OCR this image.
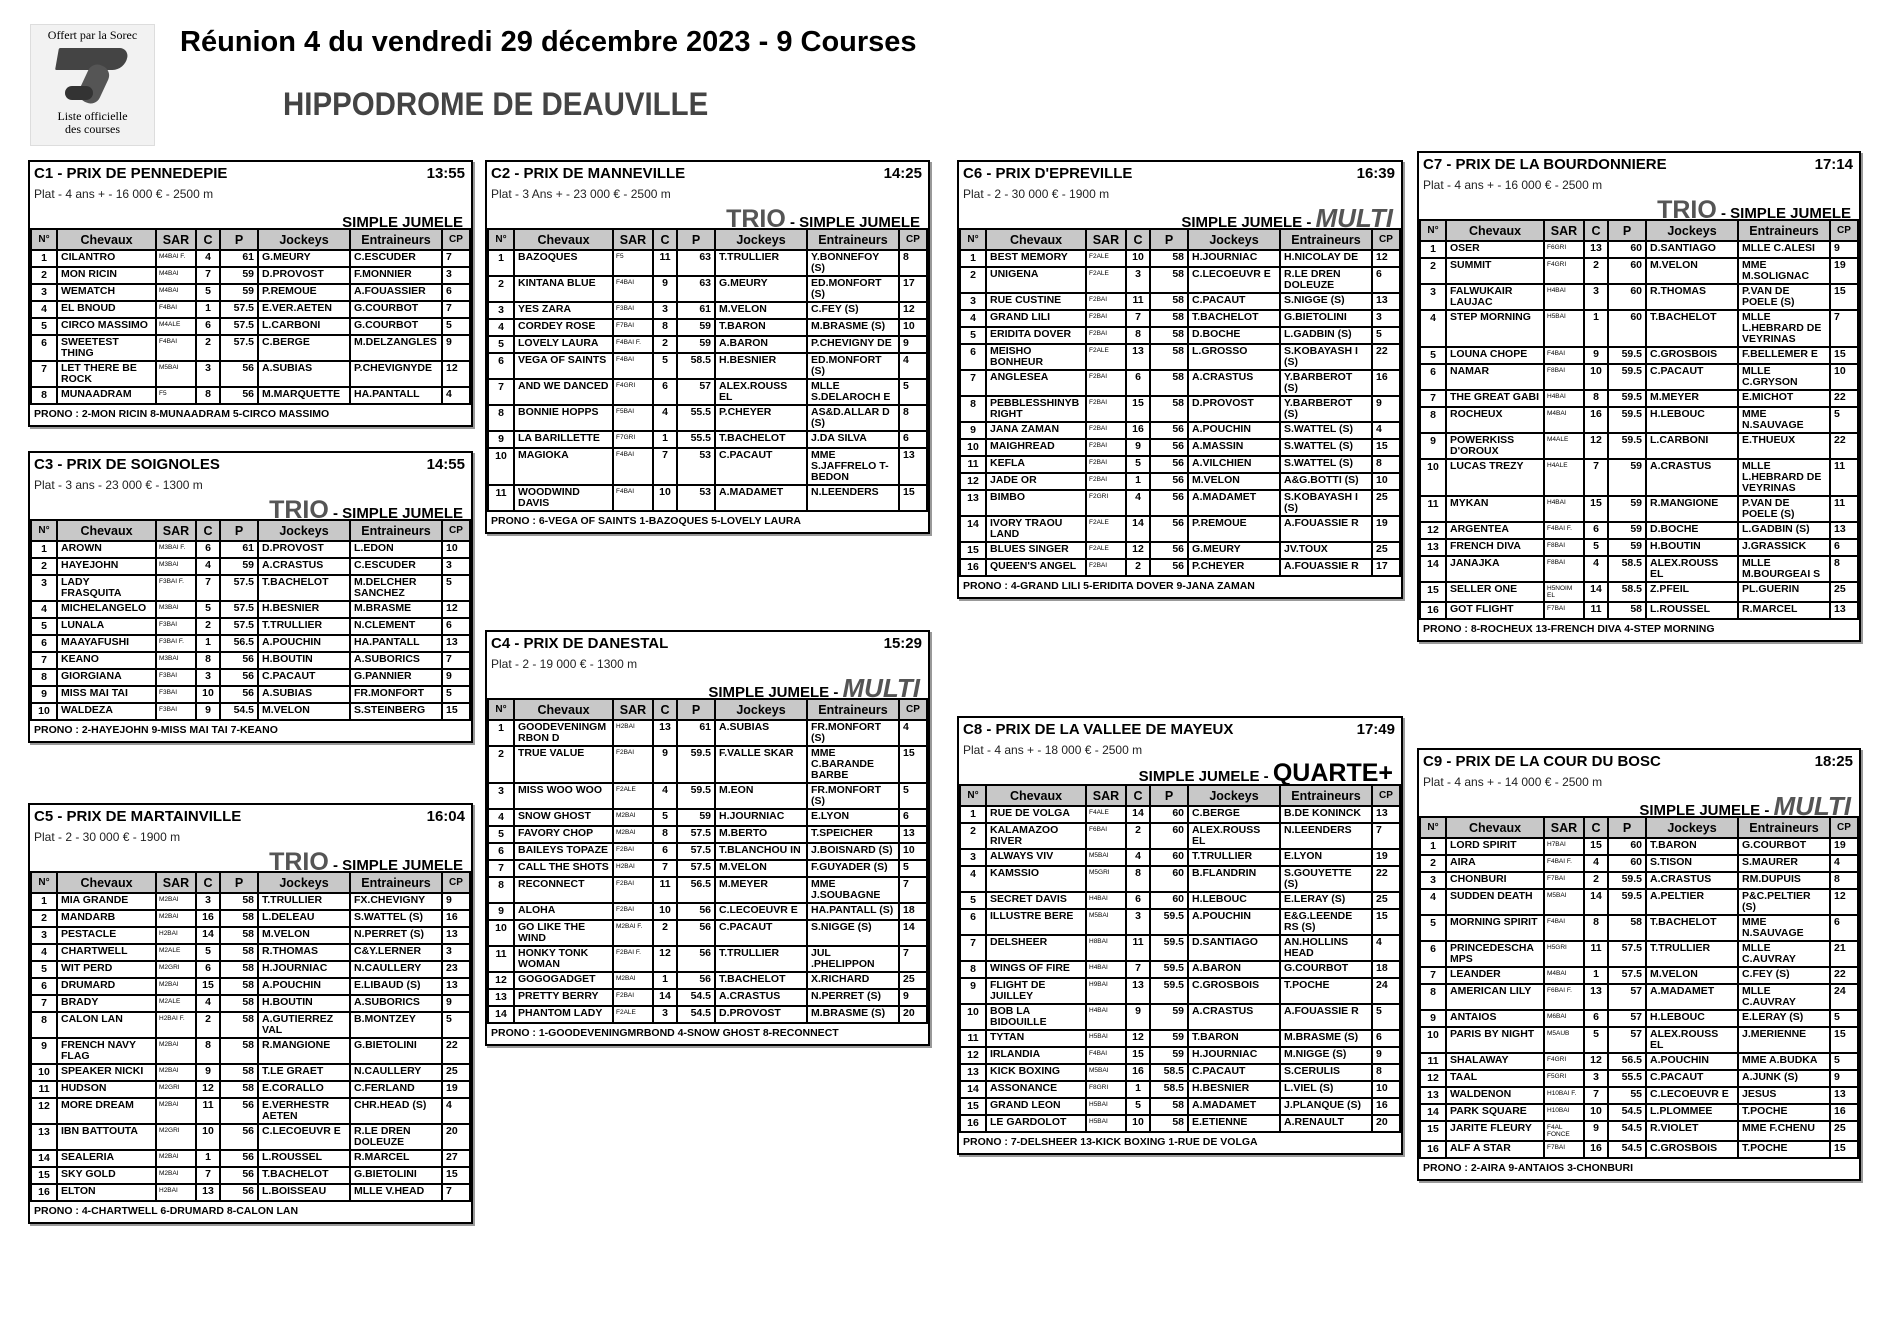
Offert par la Sorec
Liste officielle
des courses
Réunion 4 du vendredi 29 décembre 2023 - 9 Courses
HIPPODROME DE DEAUVILLE
C1 - PRIX DE PENNEDEPIE	13:55
Plat - 4 ans + - 16 000 € - 2500 m
SIMPLE JUMELE
N°	Chevaux	SAR	C	P	Jockeys	Entraineurs	CP
1	CILANTRO	M4BAI F.	4	61	G.MEURY	C.ESCUDER	7
2	MON RICIN	M4BAI	7	59	D.PROVOST	F.MONNIER	3
3	WEMATCH	M4BAI	5	59	P.REMOUE	A.FOUASSIER	6
4	EL BNOUD	F4BAI	1	57.5	E.VER.AETEN	G.COURBOT	7
5	CIRCO MASSIMO	M4ALE	6	57.5	L.CARBONI	G.COURBOT	5
6	SWEETEST THING	F4BAI	2	57.5	C.BERGE	M.DELZANGLES	9
7	LET THERE BE ROCK	M5BAI	3	56	A.SUBIAS	P.CHEVIGNYDE	12
8	MUNAADRAM	F5	8	56	M.MARQUETTE	HA.PANTALL	4
PRONO : 2-MON RICIN 8-MUNAADRAM 5-CIRCO MASSIMO
C3 - PRIX DE SOIGNOLES	14:55
Plat - 3 ans - 23 000 € - 1300 m
TRIO - SIMPLE JUMELE
N°	Chevaux	SAR	C	P	Jockeys	Entraineurs	CP
1	AROWN	M3BAI F.	6	61	D.PROVOST	L.EDON	10
2	HAYEJOHN	M3BAI	4	59	A.CRASTUS	C.ESCUDER	3
3	LADY FRASQUITA	F3BAI F.	7	57.5	T.BACHELOT	M.DELCHER SANCHEZ	5
4	MICHELANGELO	M3BAI	5	57.5	H.BESNIER	M.BRASME	12
5	LUNALA	F3BAI	2	57.5	T.TRULLIER	N.CLEMENT	6
6	MAAYAFUSHI	F3BAI F.	1	56.5	A.POUCHIN	HA.PANTALL	13
7	KEANO	M3BAI	8	56	H.BOUTIN	A.SUBORICS	7
8	GIORGIANA	F3BAI	3	56	C.PACAUT	G.PANNIER	9
9	MISS MAI TAI	F3BAI	10	56	A.SUBIAS	FR.MONFORT	5
10	WALDEZA	F3BAI	9	54.5	M.VELON	S.STEINBERG	15
PRONO : 2-HAYEJOHN 9-MISS MAI TAI 7-KEANO
C5 - PRIX DE MARTAINVILLE	16:04
Plat - 2 - 30 000 € - 1900 m
TRIO - SIMPLE JUMELE
N°	Chevaux	SAR	C	P	Jockeys	Entraineurs	CP
1	MIA GRANDE	M2BAI	3	58	T.TRULLIER	FX.CHEVIGNY	9
2	MANDARB	M2BAI	16	58	L.DELEAU	S.WATTEL (S)	16
3	PESTACLE	H2BAI	14	58	M.VELON	N.PERRET (S)	13
4	CHARTWELL	M2ALE	5	58	R.THOMAS	C&Y.LERNER	3
5	WIT PERD	M2GRI	6	58	H.JOURNIAC	N.CAULLERY	23
6	DRUMARD	M2BAI	15	58	A.POUCHIN	E.LIBAUD (S)	13
7	BRADY	M2ALE	4	58	H.BOUTIN	A.SUBORICS	9
8	CALON LAN	H2BAI F.	2	58	A.GUTIERREZ VAL	B.MONTZEY	5
9	FRENCH NAVY FLAG	M2BAI	8	58	R.MANGIONE	G.BIETOLINI	22
10	SPEAKER NICKI	M2BAI	9	58	T.LE GRAET	N.CAULLERY	25
11	HUDSON	M2GRI	12	58	E.CORALLO	C.FERLAND	19
12	MORE DREAM	M2BAI	11	56	E.VERHESTR AETEN	CHR.HEAD (S)	4
13	IBN BATTOUTA	M2GRI	10	56	C.LECOEUVR E	R.LE DREN DOLEUZE	20
14	SEALERIA	M2BAI	1	56	L.ROUSSEL	R.MARCEL	27
15	SKY GOLD	M2BAI	7	56	T.BACHELOT	G.BIETOLINI	15
16	ELTON	H2BAI	13	56	L.BOISSEAU	MLLE V.HEAD	7
PRONO : 4-CHARTWELL 6-DRUMARD 8-CALON LAN
C2 - PRIX DE MANNEVILLE	14:25
Plat - 3 Ans + - 23 000 € - 2500 m
TRIO - SIMPLE JUMELE
N°	Chevaux	SAR	C	P	Jockeys	Entraineurs	CP
1	BAZOQUES	F5	11	63	T.TRULLIER	Y.BONNEFOY (S)	8
2	KINTANA BLUE	F4BAI	9	63	G.MEURY	ED.MONFORT (S)	17
3	YES ZARA	F3BAI	3	61	M.VELON	C.FEY (S)	12
4	CORDEY ROSE	F7BAI	8	59	T.BARON	M.BRASME (S)	10
5	LOVELY LAURA	F4BAI F.	2	59	A.BARON	P.CHEVIGNY DE	9
6	VEGA OF SAINTS	F4BAI	5	58.5	H.BESNIER	ED.MONFORT (S)	4
7	AND WE DANCED	F4GRI	6	57	ALEX.ROUSS EL	MLLE S.DELAROCH E	5
8	BONNIE HOPPS	F5BAI	4	55.5	P.CHEYER	AS&D.ALLAR D (S)	8
9	LA BARILLETTE	F7GRI	1	55.5	T.BACHELOT	J.DA SILVA	6
10	MAGIOKA	F4BAI	7	53	C.PACAUT	MME S.JAFFRELO T-BEDON	13
11	WOODWIND DAVIS	F4BAI	10	53	A.MADAMET	N.LEENDERS	15
PRONO : 6-VEGA OF SAINTS 1-BAZOQUES 5-LOVELY LAURA
C4 - PRIX DE DANESTAL	15:29
Plat - 2 - 19 000 € - 1300 m
SIMPLE JUMELE - MULTI
N°	Chevaux	SAR	C	P	Jockeys	Entraineurs	CP
1	GOODEVENINGMRBON D	H2BAI	13	61	A.SUBIAS	FR.MONFORT (S)	4
2	TRUE VALUE	F2BAI	9	59.5	F.VALLE SKAR	MME C.BARANDE BARBE	15
3	MISS WOO WOO	F2ALE	4	59.5	M.EON	FR.MONFORT (S)	5
4	SNOW GHOST	M2BAI	5	59	H.JOURNIAC	E.LYON	6
5	FAVORY CHOP	M2BAI	8	57.5	M.BERTO	T.SPEICHER	13
6	BAILEYS TOPAZE	F2BAI	6	57.5	T.BLANCHOU IN	J.BOISNARD (S)	10
7	CALL THE SHOTS	H2BAI	7	57.5	M.VELON	F.GUYADER (S)	5
8	RECONNECT	F2BAI	11	56.5	M.MEYER	MME J.SOUBAGNE	7
9	ALOHA	F2BAI	10	56	C.LECOEUVR E	HA.PANTALL (S)	18
10	GO LIKE THE WIND	M2BAI F.	2	56	C.PACAUT	S.NIGGE (S)	14
11	HONKY TONK WOMAN	F2BAI F.	12	56	T.TRULLIER	JUL .PHELIPPON	7
12	GOGOGADGET	M2BAI	1	56	T.BACHELOT	X.RICHARD	25
13	PRETTY BERRY	F2BAI	14	54.5	A.CRASTUS	N.PERRET (S)	9
14	PHANTOM LADY	F2ALE	3	54.5	D.PROVOST	M.BRASME (S)	20
PRONO : 1-GOODEVENINGMRBOND 4-SNOW GHOST 8-RECONNECT
C6 - PRIX D'EPREVILLE	16:39
Plat - 2 - 30 000 € - 1900 m
SIMPLE JUMELE - MULTI
N°	Chevaux	SAR	C	P	Jockeys	Entraineurs	CP
1	BEST MEMORY	F2ALE	10	58	H.JOURNIAC	H.NICOLAY DE	12
2	UNIGENA	F2ALE	3	58	C.LECOEUVR E	R.LE DREN DOLEUZE	6
3	RUE CUSTINE	F2BAI	11	58	C.PACAUT	S.NIGGE (S)	13
4	GRAND LILI	F2BAI	7	58	T.BACHELOT	G.BIETOLINI	3
5	ERIDITA DOVER	F2BAI	8	58	D.BOCHE	L.GADBIN (S)	5
6	MEISHO BONHEUR	F2ALE	13	58	L.GROSSO	S.KOBAYASH I (S)	22
7	ANGLESEA	F2BAI	6	58	A.CRASTUS	Y.BARBEROT (S)	16
8	PEBBLESSHINYBRIGHT	F2BAI	15	58	D.PROVOST	Y.BARBEROT (S)	9
9	JANA ZAMAN	F2BAI	16	56	A.POUCHIN	S.WATTEL (S)	4
10	MAIGHREAD	F2BAI	9	56	A.MASSIN	S.WATTEL (S)	15
11	KEFLA	F2BAI	5	56	A.VILCHIEN	S.WATTEL (S)	8
12	JADE OR	F2BAI	1	56	M.VELON	A&G.BOTTI (S)	10
13	BIMBO	F2GRI	4	56	A.MADAMET	S.KOBAYASH I (S)	25
14	IVORY TRAOU LAND	F2ALE	14	56	P.REMOUE	A.FOUASSIE R	19
15	BLUES SINGER	F2ALE	12	56	G.MEURY	JV.TOUX	25
16	QUEEN'S ANGEL	F2BAI	2	56	P.CHEYER	A.FOUASSIE R	17
PRONO : 4-GRAND LILI 5-ERIDITA DOVER 9-JANA ZAMAN
C8 - PRIX DE LA VALLEE DE MAYEUX	17:49
Plat - 4 ans + - 18 000 € - 2500 m
SIMPLE JUMELE - QUARTE+
N°	Chevaux	SAR	C	P	Jockeys	Entraineurs	CP
1	RUE DE VOLGA	F4ALE	14	60	C.BERGE	B.DE KONINCK	13
2	KALAMAZOO RIVER	F6BAI	2	60	ALEX.ROUSS EL	N.LEENDERS	7
3	ALWAYS VIV	M5BAI	4	60	T.TRULLIER	E.LYON	19
4	KAMSSIO	M5GRI	8	60	B.FLANDRIN	S.GOUYETTE (S)	22
5	SECRET DAVIS	H4BAI	6	60	H.LEBOUC	E.LERAY (S)	25
6	ILLUSTRE BERE	M5BAI	3	59.5	A.POUCHIN	E&G.LEENDE RS (S)	15
7	DELSHEER	H8BAI	11	59.5	D.SANTIAGO	AN.HOLLINS HEAD	4
8	WINGS OF FIRE	H4BAI	7	59.5	A.BARON	G.COURBOT	18
9	FLIGHT DE JUILLEY	H9BAI	13	59.5	C.GROSBOIS	T.POCHE	24
10	BOB LA BIDOUILLE	H4BAI	9	59	A.CRASTUS	A.FOUASSIE R	5
11	TYTAN	H5BAI	12	59	T.BARON	M.BRASME (S)	6
12	IRLANDIA	F4BAI	15	59	H.JOURNIAC	M.NIGGE (S)	9
13	KICK BOXING	M5BAI	16	58.5	C.PACAUT	S.CERULIS	8
14	ASSONANCE	F8GRI	1	58.5	H.BESNIER	L.VIEL (S)	10
15	GRAND LEON	H5BAI	5	58	A.MADAMET	J.PLANQUE (S)	16
16	LE GARDOLOT	H5BAI	10	58	E.ETIENNE	A.RENAULT	20
PRONO : 7-DELSHEER 13-KICK BOXING 1-RUE DE VOLGA
C7 - PRIX DE LA BOURDONNIERE	17:14
Plat - 4 ans + - 16 000 € - 2500 m
TRIO - SIMPLE JUMELE
N°	Chevaux	SAR	C	P	Jockeys	Entraineurs	CP
1	OSER	F6GRI	13	60	D.SANTIAGO	MLLE C.ALESI	9
2	SUMMIT	F4GRI	2	60	M.VELON	MME M.SOLIGNAC	19
3	FALWUKAIR LAUJAC	H4BAI	3	60	R.THOMAS	P.VAN DE POELE (S)	15
4	STEP MORNING	H5BAI	1	60	T.BACHELOT	MLLE L.HEBRARD DE VEYRINAS	7
5	LOUNA CHOPE	F4BAI	9	59.5	C.GROSBOIS	F.BELLEMER E	15
6	NAMAR	F8BAI	10	59.5	C.PACAUT	MLLE C.GRYSON	10
7	THE GREAT GABI	H4BAI	8	59.5	M.MEYER	E.MICHOT	22
8	ROCHEUX	M4BAI	16	59.5	H.LEBOUC	MME N.SAUVAGE	5
9	POWERKISS D'OROUX	M4ALE	12	59.5	L.CARBONI	E.THUEUX	22
10	LUCAS TREZY	H4ALE	7	59	A.CRASTUS	MLLE L.HEBRARD DE VEYRINAS	11
11	MYKAN	H4BAI	15	59	R.MANGIONE	P.VAN DE POELE (S)	11
12	ARGENTEA	F4BAI F.	6	59	D.BOCHE	L.GADBIN (S)	13
13	FRENCH DIVA	F8BAI	5	59	H.BOUTIN	J.GRASSICK	6
14	JANAJKA	F8BAI	4	58.5	ALEX.ROUSS EL	MLLE M.BOURGEAI S	8
15	SELLER ONE	H5NOIM EL	14	58.5	Z.PFEIL	PL.GUERIN	25
16	GOT FLIGHT	F7BAI	11	58	L.ROUSSEL	R.MARCEL	13
PRONO : 8-ROCHEUX 13-FRENCH DIVA 4-STEP MORNING
C9 - PRIX DE LA COUR DU BOSC	18:25
Plat - 4 ans + - 14 000 € - 2500 m
SIMPLE JUMELE - MULTI
N°	Chevaux	SAR	C	P	Jockeys	Entraineurs	CP
1	LORD SPIRIT	H7BAI	15	60	T.BARON	G.COURBOT	19
2	AIRA	F4BAI F.	4	60	S.TISON	S.MAURER	4
3	CHONBURI	F7BAI	2	59.5	A.CRASTUS	RM.DUPUIS	8
4	SUDDEN DEATH	M5BAI	14	59.5	A.PELTIER	P&C.PELTIER (S)	12
5	MORNING SPIRIT	F4BAI	8	58	T.BACHELOT	MME N.SAUVAGE	6
6	PRINCEDESCHAMPS	H5GRI	11	57.5	T.TRULLIER	MLLE C.AUVRAY	21
7	LEANDER	M4BAI	1	57.5	M.VELON	C.FEY (S)	22
8	AMERICAN LILY	F6BAI F.	13	57	A.MADAMET	MLLE C.AUVRAY	24
9	ANTAIOS	M6BAI	6	57	H.LEBOUC	E.LERAY (S)	5
10	PARIS BY NIGHT	M5AUB	5	57	ALEX.ROUSS EL	J.MERIENNE	15
11	SHALAWAY	F4GRI	12	56.5	A.POUCHIN	MME A.BUDKA	5
12	TAAL	F5GRI	3	55.5	C.PACAUT	A.JUNK (S)	9
13	WALDENON	H10BAI F.	7	55	C.LECOEUVR E	JESUS	13
14	PARK SQUARE	H10BAI	10	54.5	L.PLOMMEE	T.POCHE	16
15	JARITE FLEURY	F4AL FONCE	9	54.5	R.VIOLET	MME F.CHENU	25
16	ALF A STAR	F7BAI	16	54.5	C.GROSBOIS	T.POCHE	15
PRONO : 2-AIRA 9-ANTAIOS 3-CHONBURI
